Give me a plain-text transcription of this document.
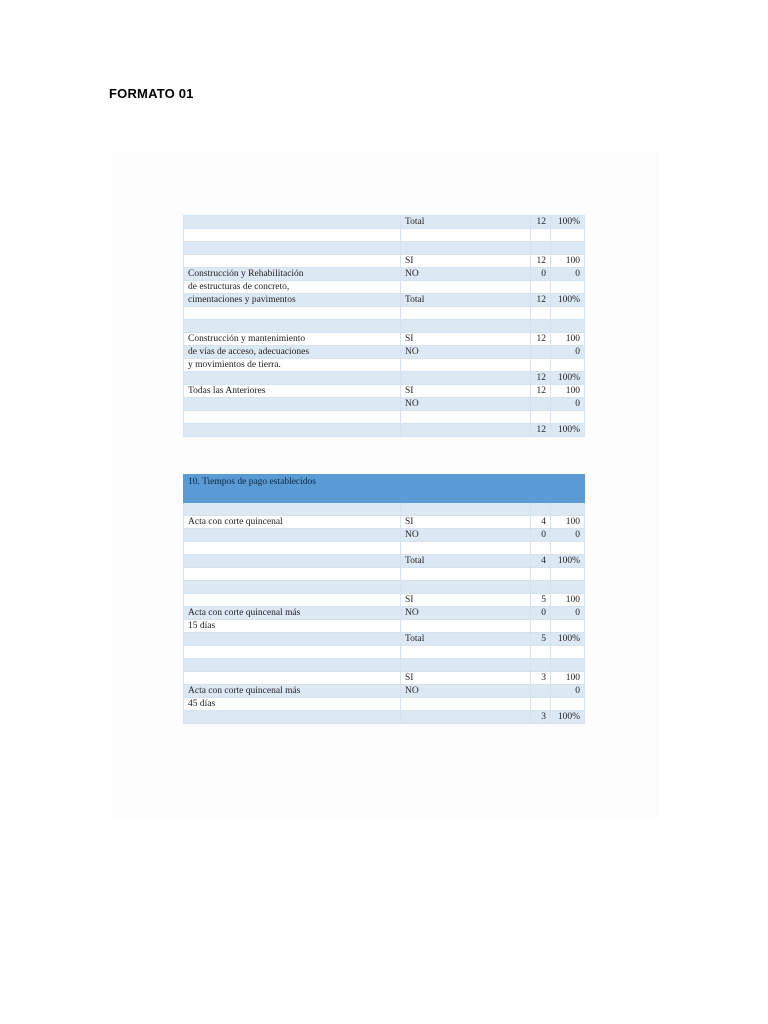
FORMATO 01
	Total	12	100%

	SI	12	100
Construcción y Rehabilitación	NO	0	0
de estructuras de concreto,			
cimentaciones y pavimentos	Total	12	100%

Construcción y mantenimiento	SI	12	100
de vías de acceso, adecuaciones	NO		0
y movimientos de tierra.			
		12	100%
Todas las Anteriores	SI	12	100
	NO		0

		12	100%
10. Tiempos de pago establecidos			

Acta con corte quincenal	SI	4	100
	NO	0	0

	Total	4	100%

	SI	5	100
Acta con corte quincenal más	NO	0	0
15 días			
	Total	5	100%

	SI	3	100
Acta con corte quincenal más	NO		0
45 días			
		3	100%
